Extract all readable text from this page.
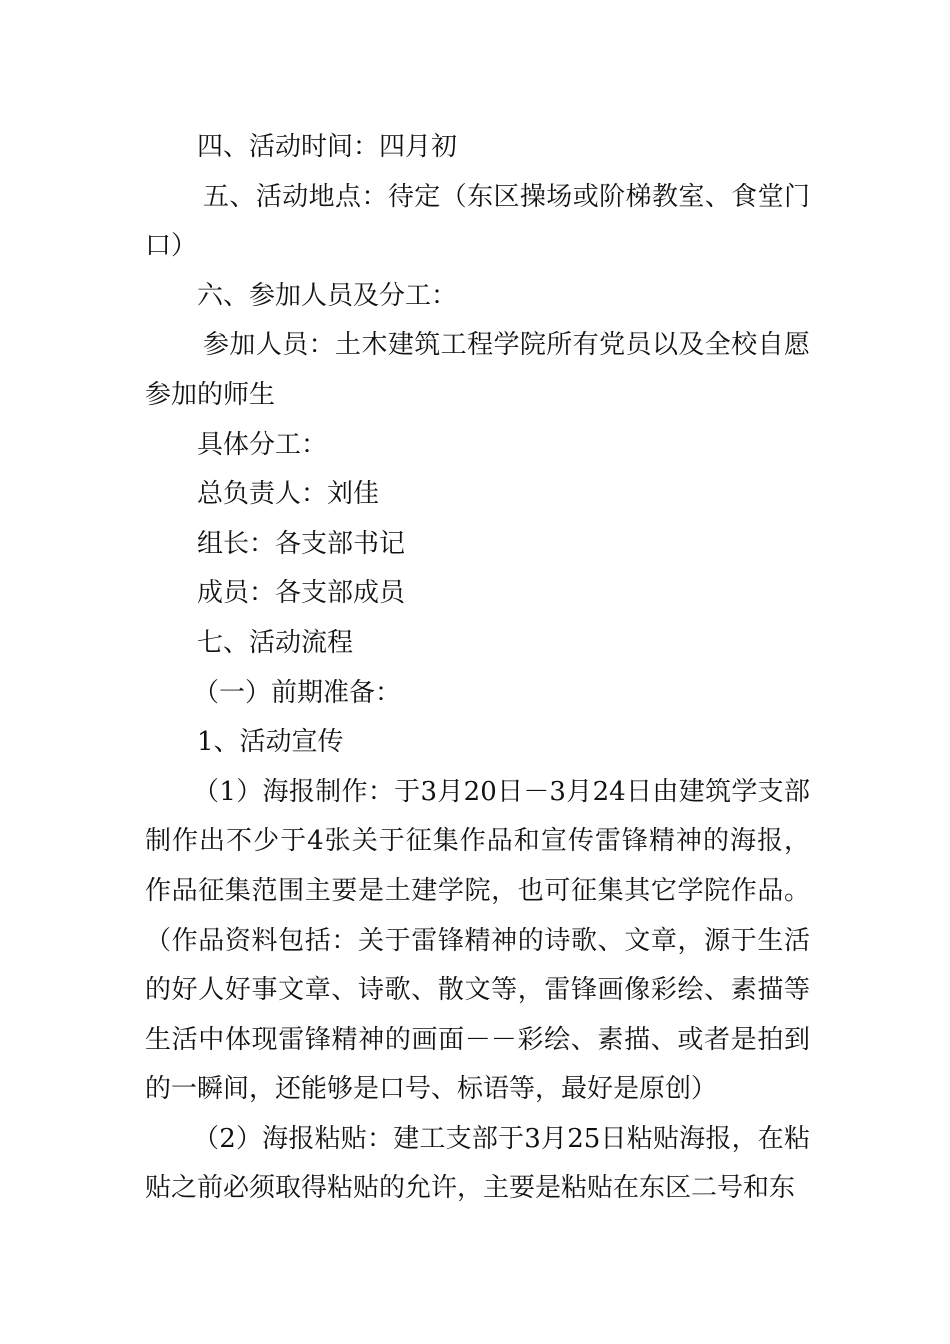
四、活动时间：四月初

五、活动地点：待定（东区操场或阶梯教室、食堂门口）

六、参加人员及分工：

参加人员：土木建筑工程学院所有党员以及全校自愿参加的师生

具体分工：

总负责人：刘佳

组长：各支部书记

成员：各支部成员

七、活动流程

（一）前期准备：

1、活动宣传

（1）海报制作：于3月20日－3月24日由建筑学支部制作出不少于4张关于征集作品和宣传雷锋精神的海报，作品征集范围主要是土建学院，也可征集其它学院作品。（作品资料包括：关于雷锋精神的诗歌、文章，源于生活的好人好事文章、诗歌、散文等，雷锋画像彩绘、素描等生活中体现雷锋精神的画面－－彩绘、素描、或者是拍到的一瞬间，还能够是口号、标语等，最好是原创）

（2）海报粘贴：建工支部于3月25日粘贴海报，在粘贴之前必须取得粘贴的允许，主要是粘贴在东区二号和东
